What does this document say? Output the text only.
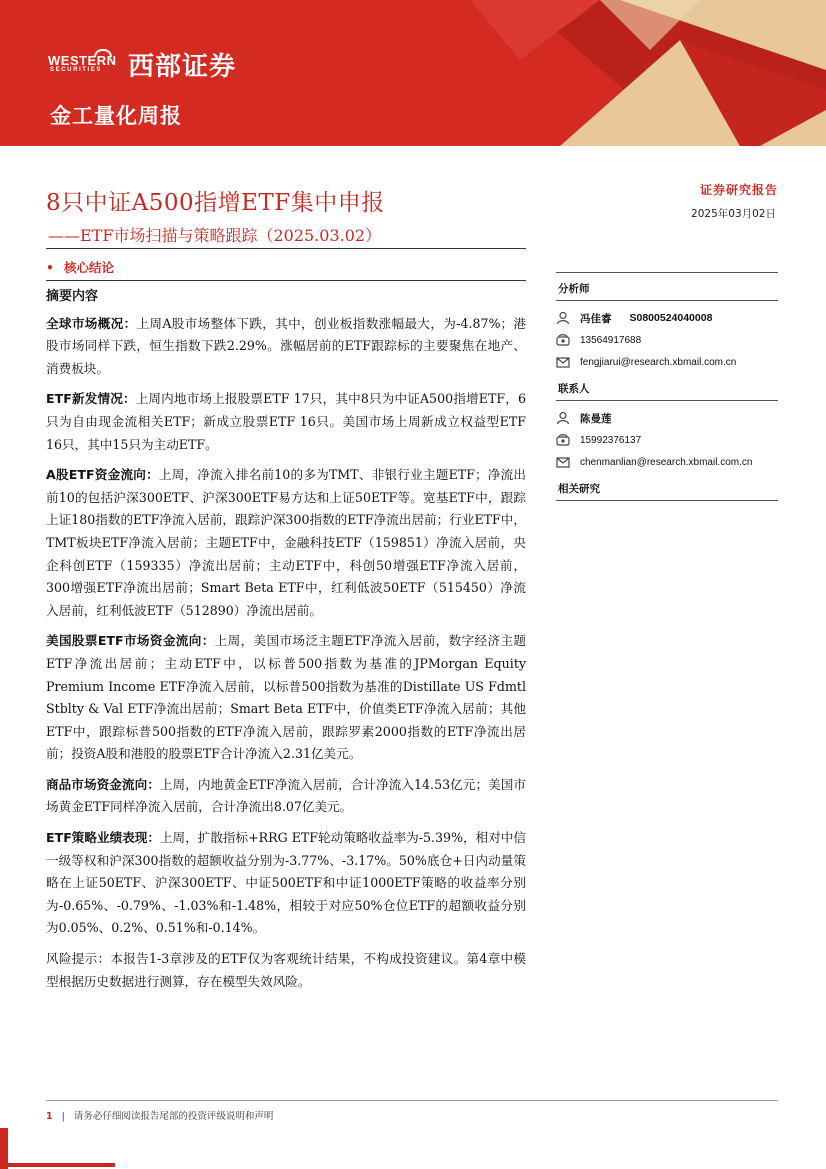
WESTERN
SECURITIES 西部证券
金工量化周报
8只中证A500指增ETF集中申报
——ETF市场扫描与策略跟踪（2025.03.02）
证券研究报告
2025年03月02日
• 核心结论
摘要内容

全球市场概况：上周A股市场整体下跌，其中，创业板指数涨幅最大，为-4.87%；港股市场同样下跌，恒生指数下跌2.29%。涨幅居前的ETF跟踪标的主要聚焦在地产、消费板块。

ETF新发情况：上周内地市场上报股票ETF 17只，其中8只为中证A500指增ETF，6只为自由现金流相关ETF；新成立股票ETF 16只。美国市场上周新成立权益型ETF 16只，其中15只为主动ETF。

A股ETF资金流向：上周，净流入排名前10的多为TMT、非银行业主题ETF；净流出前10的包括沪深300ETF、沪深300ETF易方达和上证50ETF等。宽基ETF中，跟踪上证180指数的ETF净流入居前，跟踪沪深300指数的ETF净流出居前；行业ETF中，TMT板块ETF净流入居前；主题ETF中，金融科技ETF（159851）净流入居前，央企科创ETF（159335）净流出居前；主动ETF中，科创50增强ETF净流入居前，300增强ETF净流出居前；Smart Beta ETF中，红利低波50ETF（515450）净流入居前，红利低波ETF（512890）净流出居前。

美国股票ETF市场资金流向：上周，美国市场泛主题ETF净流入居前，数字经济主题ETF净流出居前；主动ETF中，以标普500指数为基准的JPMorgan Equity Premium Income ETF净流入居前，以标普500指数为基准的Distillate US Fdmtl Stblty & Val ETF净流出居前；Smart Beta ETF中，价值类ETF净流入居前；其他ETF中，跟踪标普500指数的ETF净流入居前，跟踪罗素2000指数的ETF净流出居前；投资A股和港股的股票ETF合计净流入2.31亿美元。

商品市场资金流向：上周，内地黄金ETF净流入居前，合计净流入14.53亿元；美国市场黄金ETF同样净流入居前，合计净流出8.07亿美元。

ETF策略业绩表现：上周，扩散指标+RRG ETF轮动策略收益率为-5.39%，相对中信一级等权和沪深300指数的超额收益分别为-3.77%、-3.17%。50%底仓+日内动量策略在上证50ETF、沪深300ETF、中证500ETF和中证1000ETF策略的收益率分别为-0.65%、-0.79%、-1.03%和-1.48%，相较于对应50%仓位ETF的超额收益分别为0.05%、0.2%、0.51%和-0.14%。

风险提示：本报告1-3章涉及的ETF仅为客观统计结果，不构成投资建议。第4章中模型根据历史数据进行测算，存在模型失效风险。

分析师
冯佳睿 S0800524040008
13564917688
fengjiarui@research.xbmail.com.cn
联系人
陈曼莲
15992376137
chenmanlian@research.xbmail.com.cn
相关研究
1 | 请务必仔细阅读报告尾部的投资评级说明和声明
